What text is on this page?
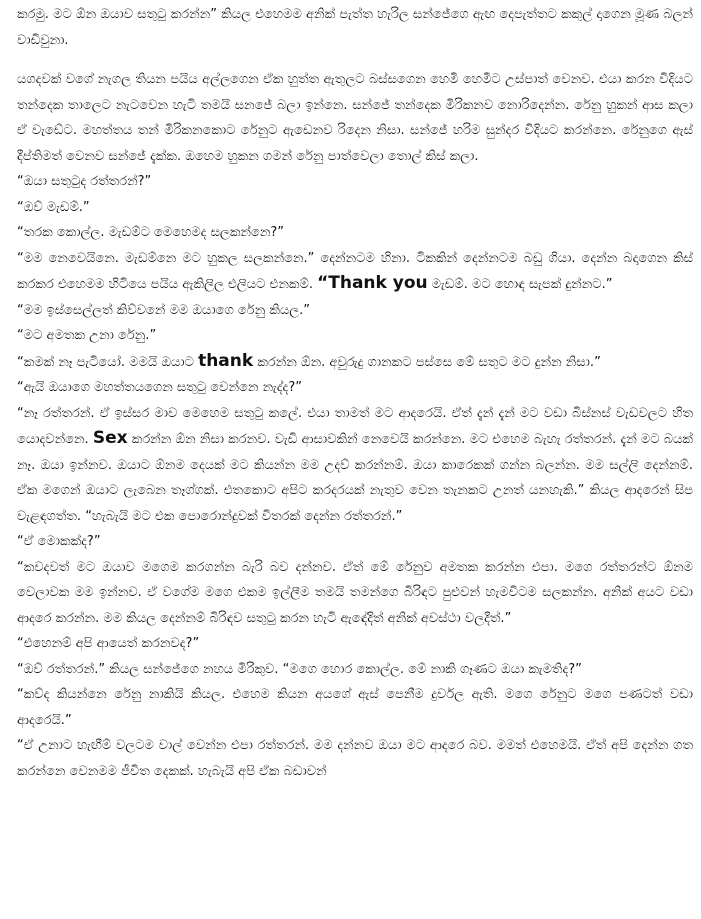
කරමු. මට ඕන ඔයාව සතුටු කරන්න” කියල එහෙමම අනික් පැත්ත හැරිල සන්ජේගෙ ඇඟ දෙපැත්තට කකුල් දාගෙන මූණ බලන් වාඩිවුනා.

යගදවක් වගේ නැගල තියන පයිය අල්ලගෙන ඒක හුත්ත ඇතුලට බස්සගෙන හෙමි හෙමීට උස්පාත් වෙනව. එයා කරන විදියට තන්දෙක තාලෙට නැටවෙන හැටි තමයි සනජේ බලා ඉන්නෙ. සන්ජේ තන්දෙක මිරිකනව නොරිදෙන්න. රේනු හුකන් ආස කලා ඒ වැඩේට. මහත්තය තන් මිරිකනකොට රේනුට ඇඩෙනව රිදෙන නිසා. සන්ජේ හරිම සුන්දර විදියට කරන්නෙ. රේනුගෙ ඇස් දීප්තිමත් වෙනව සන්ජේ දැක්ක. ඔහෙම හුකන ගමන් රේනු පාත්වෙලා තොල් කිස් කලා.

“ඔයා සතුටුද රත්තරන්?”

“ඔව් මැඩම්.”

“තරක කොල්ල. මැඩම්ට මෙහෙමද සලකන්නෙ?”

“මම නෙවෙයිනෙ. මැඩම්නෙ මට හුකල සලකන්නෙ.” දෙන්නටම හිනා. ටිකකින් දෙන්නටම බඩු ගියා. දෙන්න බදාගෙන කිස් කරකර එහෙමම හිටියෙ පයිය ඇකිලිල එලියට එනකම්. “Thank you මැඩම්. මට හොඳ සැපක් දුන්නට.”

“මම ඉස්සෙල්ලත් කිව්වනේ මම ඔයාගෙ රේනු කියල.”

“මට අමතක උනා රේනු.”

“කමක් නෑ පැටියෝ. මමයි ඔයාට thank කරන්න ඕන. අවුරුදු ගානකට පස්සෙ මේ සතුට මට දුන්න නිසා.”

“ඇයි ඔයාගෙ මහත්තයගෙන සතුටු වෙන්නෙ නැද්ද?”

“නෑ රත්තරන්. ඒ ඉස්සර මාව මෙහෙම සතුටු කලේ. එයා තාමත් මට ආදරෙයි. ඒත් දැන් දැන් මට වඩා බිස්නස් වැඩවලට හිත යොදවන්නෙ. Sex කරන්න ඕන නිසා කරනව. වැඩි ආසාවකින් නෙවෙයි කරන්නෙ. මට එහෙම බැහැ රත්තරන්. දැන් මට බයක් නෑ. ඔයා ඉන්නව. ඔයාට ඕනම දෙයක් මට කියන්න මම උදව් කරන්නම්. ඔයා කාරෙකක් ගන්න බලන්න. මම සල්ලි දෙන්නම්. ඒක මගෙන් ඔයාට ලැබෙන තෑග්ගක්. එතකොට අපිට කරදරයක් නැතුව වෙන තැනකට උනත් යනහැකි.” කියල ආදරෙන් සිප වැළඳගත්ත. “හැබැයි මට එක පොරොන්දුවක් විතරක් දෙන්න රත්තරන්.”

“ඒ මොකක්ද?”

“කවදවත් මට ඔයාව මගෙම කරගන්න බැරි බව දන්නව. ඒත් මේ රේනුව අමතක කරන්න එපා. මගෙ රත්තරන්ට ඕනම වෙලාවක මම ඉන්නව. ඒ වගේම මගෙ එකම ඉල්ලීම තමයි තමන්ගෙ බිරිඳට පුළුවන් හැමවිටම සලකන්න. අනික් අයට වඩා ආදරෙ කරන්න. මම කියල දෙන්නම් බිරිඳව සතුටු කරන හැටි ඇඳේදිත් අනික් අවස්ථා වලදීත්.”

“එහෙනම් අපි ආයෙත් කරනවද?”

“ඔව් රත්තරන්.” කියල සන්ජේගෙ නහය මිරිකුව. “මගෙ හොර කොල්ල. මේ නාකි ගෑණට ඔයා කැමතිද?”

“කව්ද කියන්නෙ රේනු නාකියි කියල. එහෙම කියන අයගේ ඇස් පෙනීම දුර්වල ඇති. මගෙ රේනුට මගෙ පණටත් වඩා ආදරෙයි.”

“ඒ උනාට හැඟීම් වලටම වාල් වෙන්න එපා රත්තරන්. මම දන්නව ඔයා මට ආදරෙ බව. මමත් එහෙමයි. ඒත් අපි දෙන්න ගත කරන්නෙ වෙනමම ජීවිත දෙකක්. හැබැයි අපි ඒක බඩාවන්
